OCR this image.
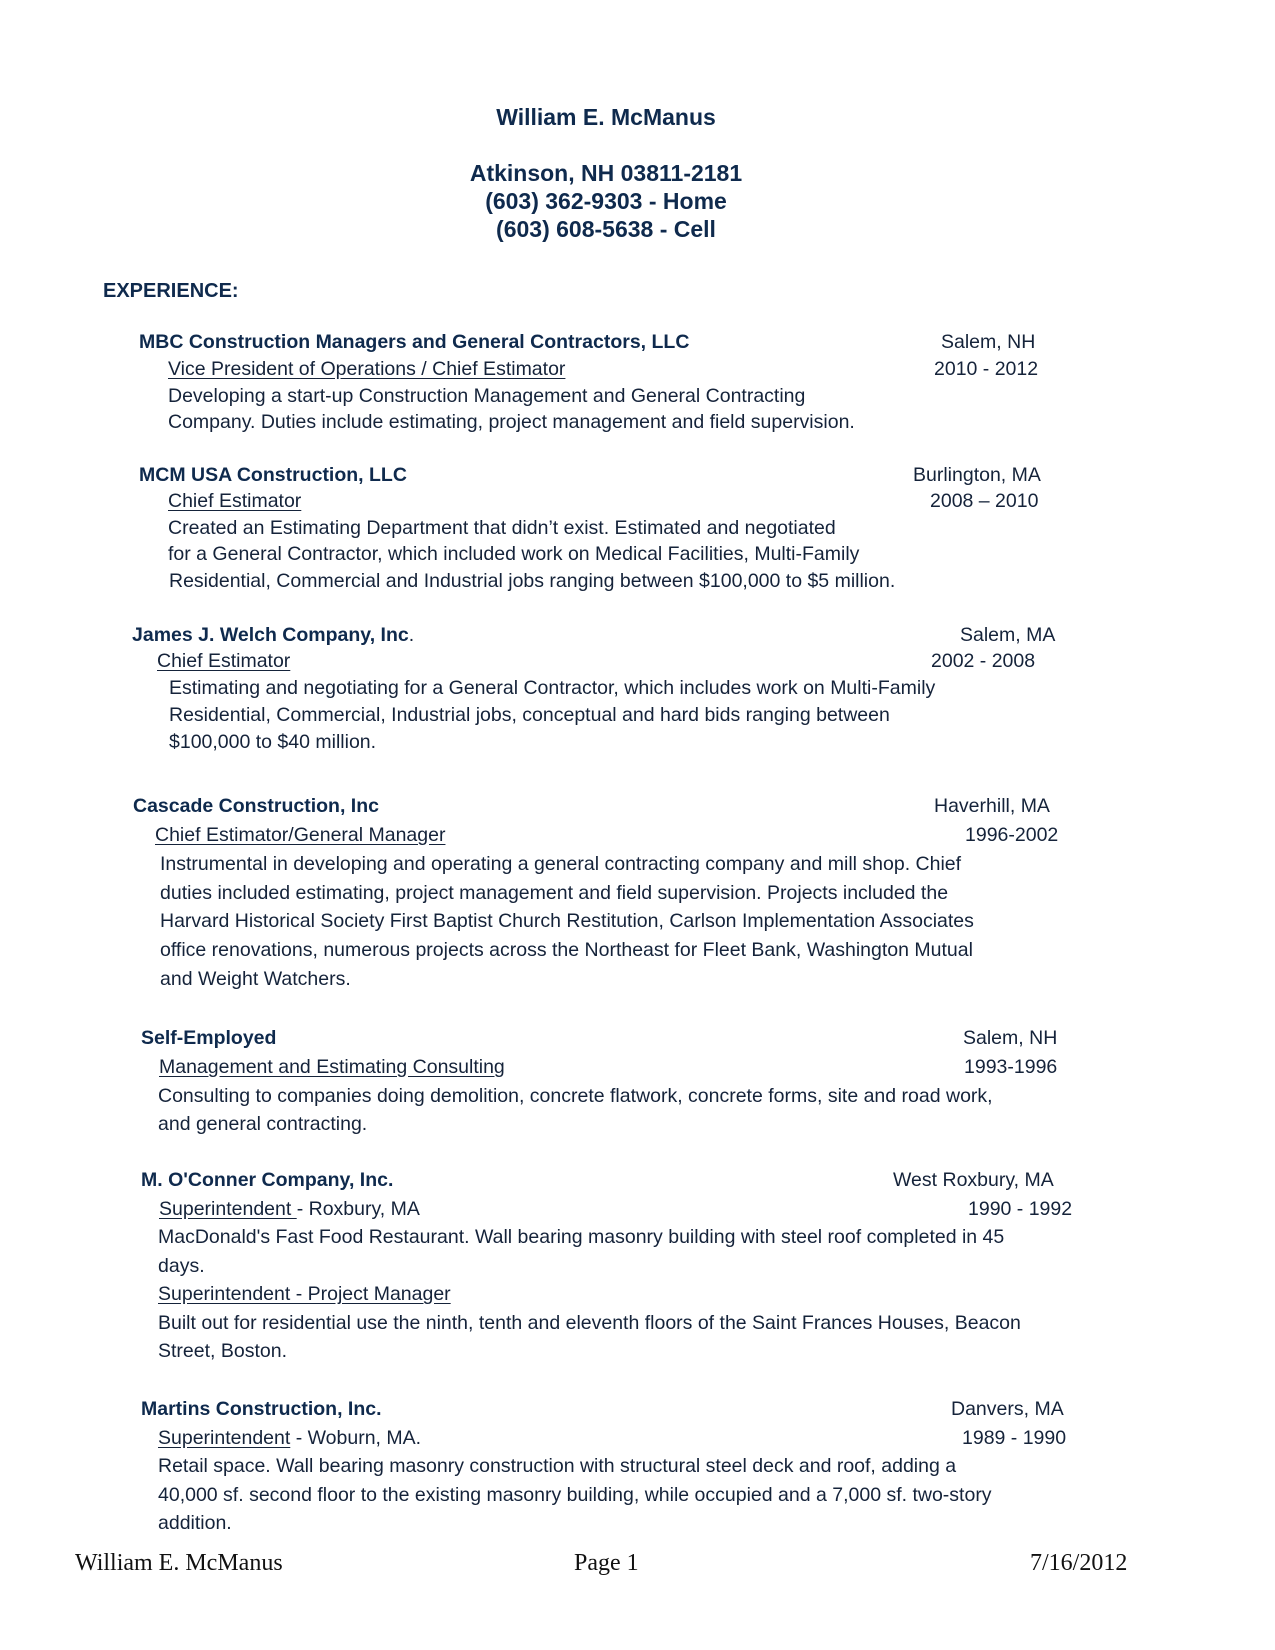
William E. McManus
Atkinson, NH 03811-2181
(603) 362-9303 - Home
(603) 608-5638 - Cell
EXPERIENCE:
MBC Construction Managers and General Contractors, LLC	Salem, NH
Vice President of Operations / Chief Estimator	2010 - 2012
Developing a start-up Construction Management and General Contracting
Company. Duties include estimating, project management and field supervision.
MCM USA Construction, LLC	Burlington, MA
Chief Estimator	2008 – 2010
Created an Estimating Department that didn’t exist. Estimated and negotiated
for a General Contractor, which included work on Medical Facilities, Multi-Family
Residential, Commercial and Industrial jobs ranging between $100,000 to $5 million.
James J. Welch Company, Inc.	Salem, MA
Chief Estimator	2002 - 2008
Estimating and negotiating for a General Contractor, which includes work on Multi-Family
Residential, Commercial, Industrial jobs, conceptual and hard bids ranging between
$100,000 to $40 million.
Cascade Construction, Inc	Haverhill, MA
Chief Estimator/General Manager	1996-2002
Instrumental in developing and operating a general contracting company and mill shop. Chief
duties included estimating, project management and field supervision. Projects included the
Harvard Historical Society First Baptist Church Restitution, Carlson Implementation Associates
office renovations, numerous projects across the Northeast for Fleet Bank, Washington Mutual
and Weight Watchers.
Self-Employed	Salem, NH
Management and Estimating Consulting	1993-1996
Consulting to companies doing demolition, concrete flatwork, concrete forms, site and road work,
and general contracting.
M. O'Conner Company, Inc.	West Roxbury, MA
Superintendent - Roxbury, MA	1990 - 1992
MacDonald's Fast Food Restaurant. Wall bearing masonry building with steel roof completed in 45
days.
Superintendent - Project Manager
Built out for residential use the ninth, tenth and eleventh floors of the Saint Frances Houses, Beacon
Street, Boston.
Martins Construction, Inc.	Danvers, MA
Superintendent - Woburn, MA.	1989 - 1990
Retail space. Wall bearing masonry construction with structural steel deck and roof, adding a
40,000 sf. second floor to the existing masonry building, while occupied and a 7,000 sf. two-story
addition.
William E. McManus	Page 1	7/16/2012
